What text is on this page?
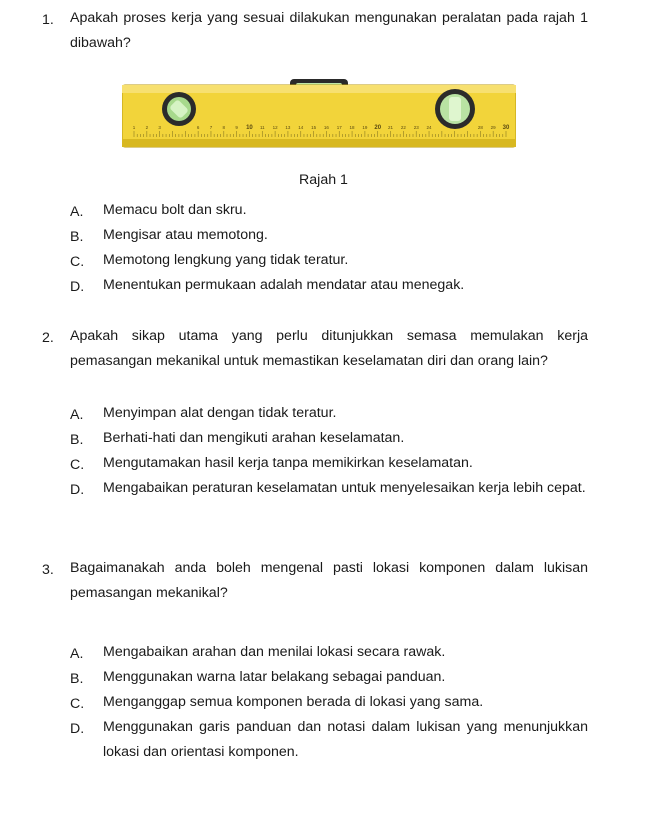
1. Apakah proses kerja yang sesuai dilakukan mengunakan peralatan pada rajah 1 dibawah?
1 2 3	6 7 8 9 10 11 12 13 14 15 16 17 18 19 20 21 22 23 24	28 29 30
Rajah 1
A. Memacu bolt dan skru.
B. Mengisar atau memotong.
C. Memotong lengkung yang tidak teratur.
D. Menentukan permukaan adalah mendatar atau menegak.
2. Apakah sikap utama yang perlu ditunjukkan semasa memulakan kerja pemasangan mekanikal untuk memastikan keselamatan diri dan orang lain?
A. Menyimpan alat dengan tidak teratur.
B. Berhati-hati dan mengikuti arahan keselamatan.
C. Mengutamakan hasil kerja tanpa memikirkan keselamatan.
D. Mengabaikan peraturan keselamatan untuk menyelesaikan kerja lebih cepat.
3. Bagaimanakah anda boleh mengenal pasti lokasi komponen dalam lukisan pemasangan mekanikal?
A. Mengabaikan arahan dan menilai lokasi secara rawak.
B. Menggunakan warna latar belakang sebagai panduan.
C. Menganggap semua komponen berada di lokasi yang sama.
D. Menggunakan garis panduan dan notasi dalam lukisan yang menunjukkan lokasi dan orientasi komponen.
